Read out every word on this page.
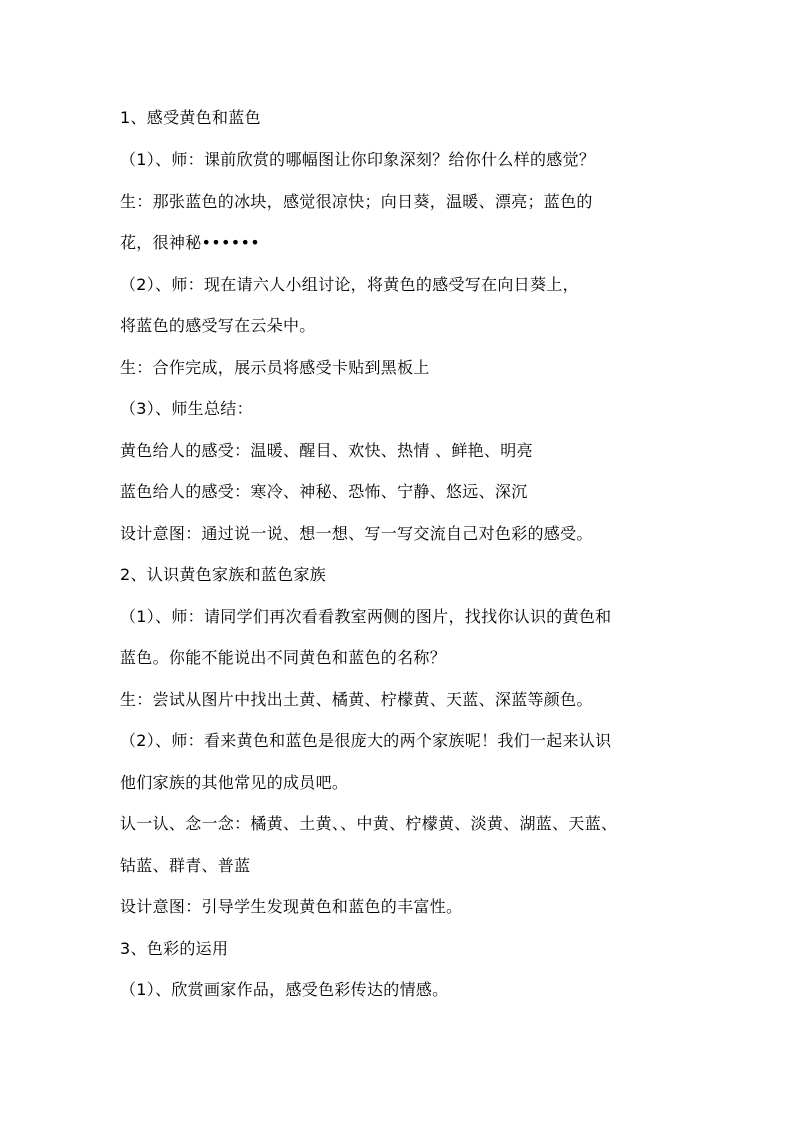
1、感受黄色和蓝色
（1）、师：课前欣赏的哪幅图让你印象深刻？给你什么样的感觉？
生：那张蓝色的冰块，感觉很凉快；向日葵，温暖、漂亮；蓝色的
花，很神秘••••••
（2）、师：现在请六人小组讨论，将黄色的感受写在向日葵上，
将蓝色的感受写在云朵中。
生：合作完成，展示员将感受卡贴到黑板上
（3）、师生总结：
黄色给人的感受：温暖、醒目、欢快、热情 、鲜艳、明亮
蓝色给人的感受：寒冷、神秘、恐怖、宁静、悠远、深沉
设计意图：通过说一说、想一想、写一写交流自己对色彩的感受。
2、认识黄色家族和蓝色家族
（1）、师：请同学们再次看看教室两侧的图片，找找你认识的黄色和
蓝色。你能不能说出不同黄色和蓝色的名称？
生：尝试从图片中找出土黄、橘黄、柠檬黄、天蓝、深蓝等颜色。
（2）、师：看来黄色和蓝色是很庞大的两个家族呢！我们一起来认识
他们家族的其他常见的成员吧。
认一认、念一念：橘黄、土黄、、中黄、柠檬黄、淡黄、湖蓝、天蓝、
钴蓝、群青、普蓝
设计意图：引导学生发现黄色和蓝色的丰富性。
3、色彩的运用
（1）、欣赏画家作品，感受色彩传达的情感。
